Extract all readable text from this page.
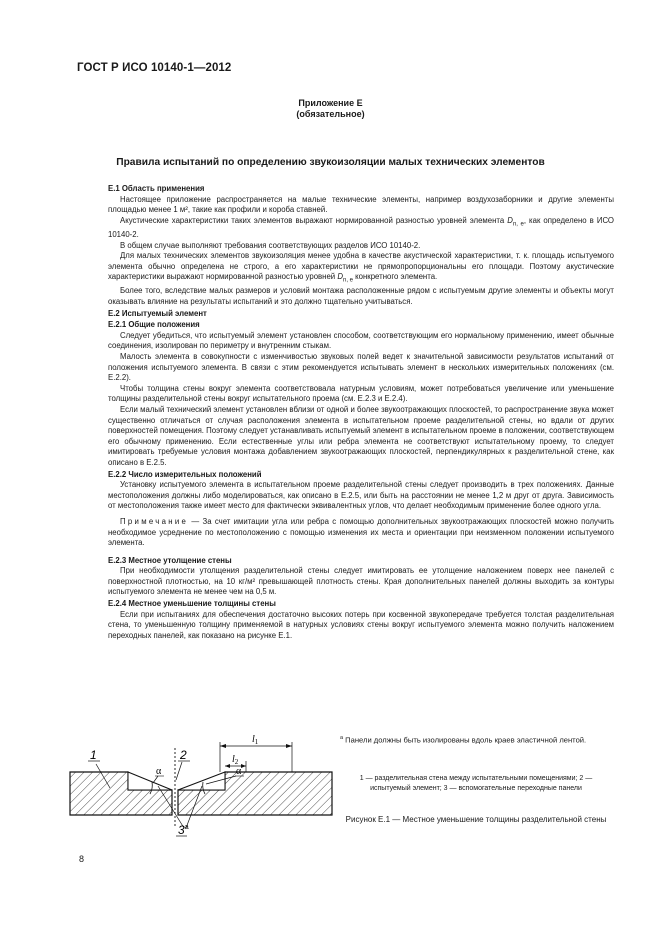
ГОСТ Р ИСО 10140-1—2012
Приложение Е
(обязательное)
Правила испытаний по определению звукоизоляции малых технических элементов

Е.1 Область применения

Настоящее приложение распространяется на малые технические элементы, например воздухозаборники и другие элементы площадью менее 1 м², такие как профили и короба ставней.

Акустические характеристики таких элементов выражают нормированной разностью уровней элемента $D_{n, e}$, как определено в ИСО 10140-2.

В общем случае выполняют требования соответствующих разделов ИСО 10140-2.

Для малых технических элементов звукоизоляция менее удобна в качестве акустической характеристики, т. к. площадь испытуемого элемента обычно определена не строго, а его характеристики не прямопропорциональны его площади. Поэтому акустические характеристики выражают нормированной разностью уровней $D_{n, e}$ конкретного элемента.

Более того, вследствие малых размеров и условий монтажа расположенные рядом с испытуемым другие элементы и объекты могут оказывать влияние на результаты испытаний и это должно тщательно учитываться.

Е.2 Испытуемый элемент

Е.2.1 Общие положения

Следует убедиться, что испытуемый элемент установлен способом, соответствующим его нормальному применению, имеет обычные соединения, изолирован по периметру и внутренним стыкам.

Малость элемента в совокупности с изменчивостью звуковых полей ведет к значительной зависимости результатов испытаний от положения испытуемого элемента. В связи с этим рекомендуется испытывать элемент в нескольких измерительных положениях (см. Е.2.2).

Чтобы толщина стены вокруг элемента соответствовала натурным условиям, может потребоваться увеличение или уменьшение толщины разделительной стены вокруг испытательного проема (см. Е.2.3 и Е.2.4).

Если малый технический элемент установлен вблизи от одной и более звукоотражающих плоскостей, то распространение звука может существенно отличаться от случая расположения элемента в испытательном проеме разделительной стены, но вдали от других поверхностей помещения. Поэтому следует устанавливать испытуемый элемент в испытательном проеме в положении, соответствующем его обычному применению. Если естественные углы или ребра элемента не соответствуют испытательному проему, то следует имитировать требуемые условия монтажа добавлением звукоотражающих плоскостей, перпендикулярных к разделительной стене, как описано в Е.2.5.

Е.2.2 Число измерительных положений

Установку испытуемого элемента в испытательном проеме разделительной стены следует производить в трех положениях. Данные местоположения должны либо моделироваться, как описано в Е.2.5, или быть на расстоянии не менее 1,2 м друг от друга. Зависимость от местоположения также имеет место для фактически эквивалентных углов, что делает необходимым применение более одного угла.

Примечание — За счет имитации угла или ребра с помощью дополнительных звукоотражающих плоскостей можно получить необходимое усреднение по местоположению с помощью изменения их места и ориентации при неизменном положении испытуемого элемента.

Е.2.3 Местное утолщение стены

При необходимости утолщения разделительной стены следует имитировать ее утолщение наложением поверх нее панелей с поверхностной плотностью, на 10 кг/м² превышающей плотность стены. Края дополнительных панелей должны выходить за контуры испытуемого элемента не менее чем на 0,5 м.

Е.2.4 Местное уменьшение толщины стены

Если при испытаниях для обеспечения достаточно высоких потерь при косвенной звукопередаче требуется толстая разделительная стена, то уменьшенную толщину применяемой в натурных условиях стены вокруг испытуемого элемента можно получить наложением переходных панелей, как показано на рисунке Е.1.

1	2
3$^a$
$l_1$
$l_2$
α	α
$^a$ Панели должны быть изолированы вдоль краев эластичной лентой.
1 — разделительная стена между испытательными помещениями; 2 — испытуемый элемент; 3 — вспомогательные переходные панели
Рисунок Е.1 — Местное уменьшение толщины разделительной стены
8
